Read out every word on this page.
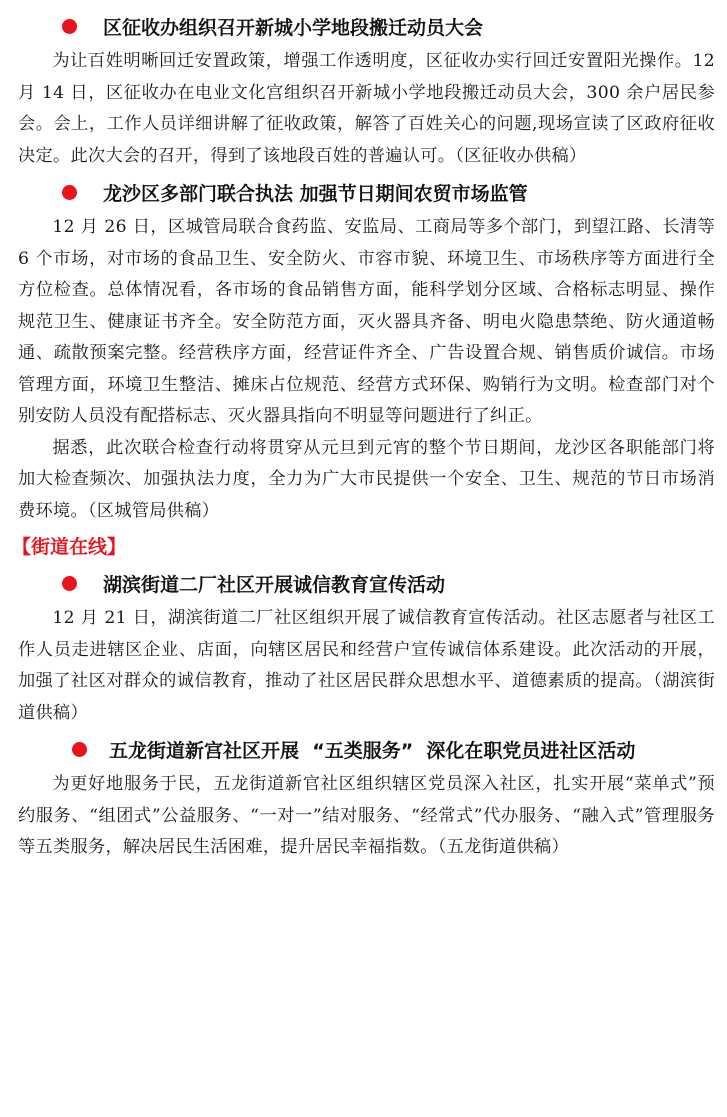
区征收办组织召开新城小学地段搬迁动员大会

为让百姓明晰回迁安置政策，增强工作透明度，区征收办实行回迁安置阳光操作。12 月 14 日，区征收办在电业文化宫组织召开新城小学地段搬迁动员大会，300 余户居民参会。会上，工作人员详细讲解了征收政策，解答了百姓关心的问题,现场宣读了区政府征收决定。此次大会的召开，得到了该地段百姓的普遍认可。（区征收办供稿）

龙沙区多部门联合执法 加强节日期间农贸市场监管

12 月 26 日，区城管局联合食药监、安监局、工商局等多个部门，到望江路、长清等 6 个市场，对市场的食品卫生、安全防火、市容市貌、环境卫生、市场秩序等方面进行全方位检查。总体情况看，各市场的食品销售方面，能科学划分区域、合格标志明显、操作规范卫生、健康证书齐全。安全防范方面，灭火器具齐备、明电火隐患禁绝、防火通道畅通、疏散预案完整。经营秩序方面，经营证件齐全、广告设置合规、销售质价诚信。市场管理方面，环境卫生整洁、摊床占位规范、经营方式环保、购销行为文明。检查部门对个别安防人员没有配搭标志、灭火器具指向不明显等问题进行了纠正。

据悉，此次联合检查行动将贯穿从元旦到元宵的整个节日期间，龙沙区各职能部门将加大检查频次、加强执法力度，全力为广大市民提供一个安全、卫生、规范的节日市场消费环境。（区城管局供稿）

【街道在线】
湖滨街道二厂社区开展诚信教育宣传活动

12 月 21 日，湖滨街道二厂社区组织开展了诚信教育宣传活动。社区志愿者与社区工作人员走进辖区企业、店面，向辖区居民和经营户宣传诚信体系建设。此次活动的开展，加强了社区对群众的诚信教育，推动了社区居民群众思想水平、道德素质的提高。（湖滨街道供稿）

五龙街道新宫社区开展  “五类服务”  深化在职党员进社区活动

为更好地服务于民，五龙街道新官社区组织辖区党员深入社区，扎实开展“菜单式”预约服务、“组团式”公益服务、“一对一”结对服务、“经常式”代办服务、“融入式”管理服务等五类服务，解决居民生活困难，提升居民幸福指数。（五龙街道供稿）
